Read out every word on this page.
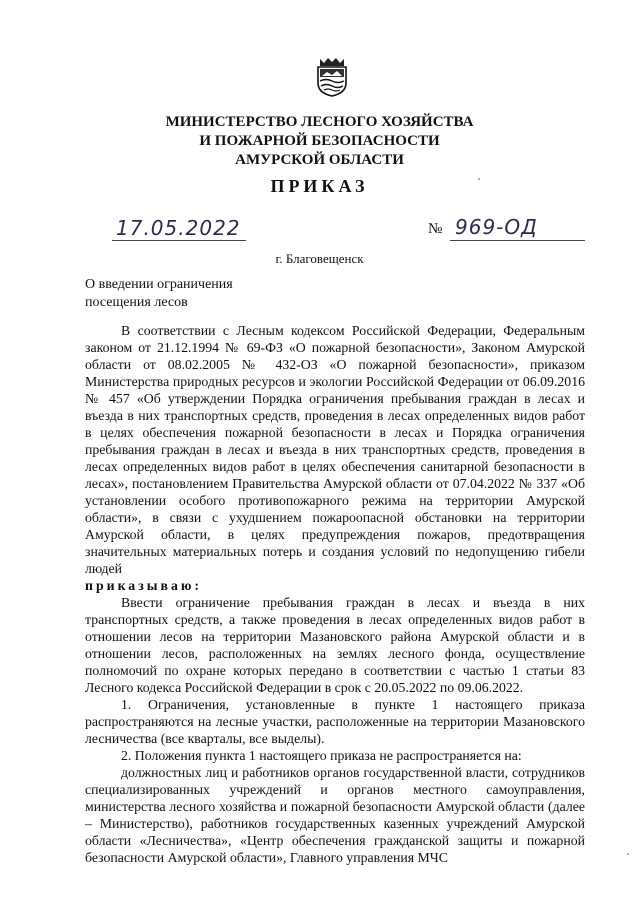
МИНИСТЕРСТВО ЛЕСНОГО ХОЗЯЙСТВА
И ПОЖАРНОЙ БЕЗОПАСНОСТИ
АМУРСКОЙ ОБЛАСТИ
ПРИКАЗ
17.05.2022	№ 969-ОД
г. Благовещенск
О введении ограничения
посещения лесов

В соответствии с Лесным кодексом Российской Федерации, Федеральным законом от 21.12.1994 № 69-ФЗ «О пожарной безопасности», Законом Амурской области от 08.02.2005 № 432-ОЗ «О пожарной безопасности», приказом Министерства природных ресурсов и экологии Российской Федерации от 06.09.2016 № 457 «Об утверждении Порядка ограничения пребывания граждан в лесах и въезда в них транспортных средств, проведения в лесах определенных видов работ в целях обеспечения пожарной безопасности в лесах и Порядка ограничения пребывания граждан в лесах и въезда в них транспортных средств, проведения в лесах определенных видов работ в целях обеспечения санитарной безопасности в лесах», постановлением Правительства Амурской области от 07.04.2022 № 337 «Об установлении особого противопожарного режима на территории Амурской области», в связи с ухудшением пожароопасной обстановки на территории Амурской области, в целях предупреждения пожаров, предотвращения значительных материальных потерь и создания условий по недопущению гибели людей

приказываю:

Ввести ограничение пребывания граждан в лесах и въезда в них транспортных средств, а также проведения в лесах определенных видов работ в отношении лесов на территории Мазановского района Амурской области и в отношении лесов, расположенных на землях лесного фонда, осуществление полномочий по охране которых передано в соответствии с частью 1 статьи 83 Лесного кодекса Российской Федерации в срок с 20.05.2022 по 09.06.2022.

1. Ограничения, установленные в пункте 1 настоящего приказа распространяются на лесные участки, расположенные на территории Мазановского лесничества (все кварталы, все выделы).

2. Положения пункта 1 настоящего приказа не распространяется на:

должностных лиц и работников органов государственной власти, сотрудников специализированных учреждений и органов местного самоуправления, министерства лесного хозяйства и пожарной безопасности Амурской области (далее – Министерство), работников государственных казенных учреждений Амурской области «Лесничества», «Центр обеспечения гражданской защиты и пожарной безопасности Амурской области», Главного управления МЧС
